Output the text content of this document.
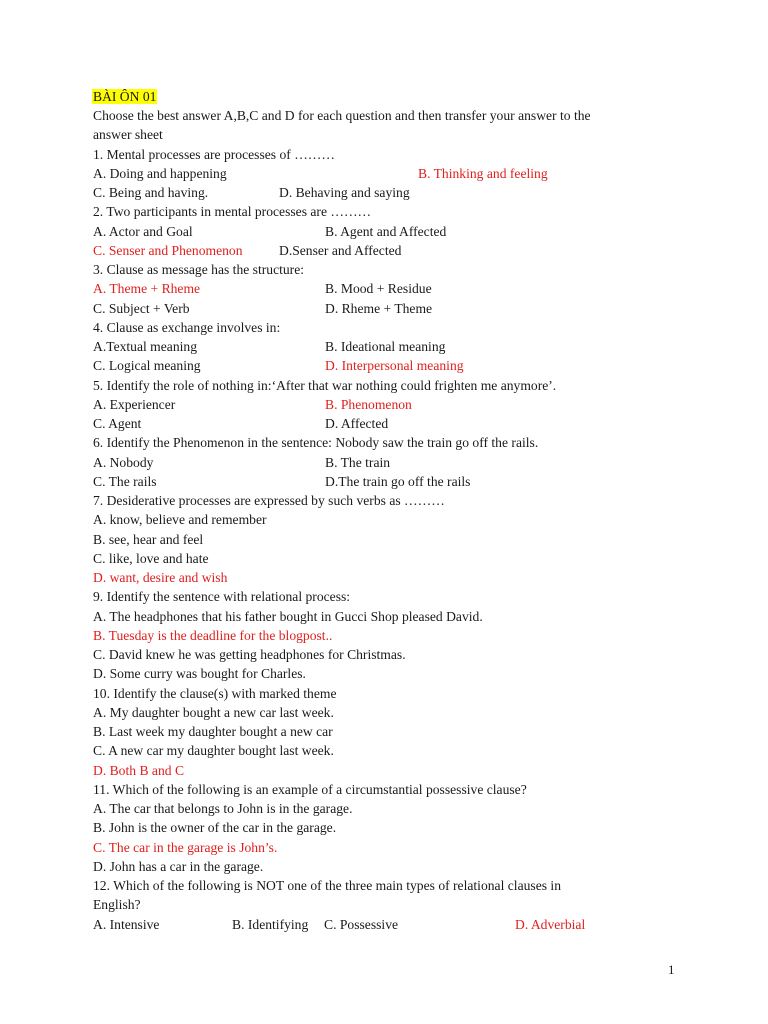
BÀI ÔN 01
Choose the best answer A,B,C and D for each question and then transfer your answer to the
answer sheet
1. Mental processes are processes of ………
A. Doing and happening	B. Thinking and feeling
C. Being and having.	D. Behaving and saying
2. Two participants in mental processes are ………
A. Actor and Goal	B. Agent and Affected
C. Senser and Phenomenon	D.Senser and Affected
3. Clause as message has the structure:
A. Theme + Rheme	B. Mood + Residue
C. Subject + Verb	D. Rheme + Theme
4. Clause as exchange involves in:
A.Textual meaning	B. Ideational meaning
C. Logical meaning	D. Interpersonal meaning
5. Identify the role of nothing in:‘After that war nothing could frighten me anymore’.
A. Experiencer	B. Phenomenon
C. Agent	D. Affected
6. Identify the Phenomenon in the sentence: Nobody saw the train go off the rails.
A. Nobody	B. The train
C. The rails	D.The train go off the rails
7. Desiderative processes are expressed by such verbs as ………
A. know, believe and remember
B. see, hear and feel
C. like, love and hate
D. want, desire and wish
9. Identify the sentence with relational process:
A. The headphones that his father bought in Gucci Shop pleased David.
B. Tuesday is the deadline for the blogpost..
C. David knew he was getting headphones for Christmas.
D. Some curry was bought for Charles.
10. Identify the clause(s) with marked theme
A. My daughter bought a new car last week.
B. Last week my daughter bought a new car
C. A new car my daughter bought last week.
D. Both B and C
11. Which of the following is an example of a circumstantial possessive clause?
A. The car that belongs to John is in the garage.
B. John is the owner of the car in the garage.
C. The car in the garage is John’s.
D. John has a car in the garage.
12. Which of the following is NOT one of the three main types of relational clauses in
English?
A. Intensive	B. Identifying C. Possessive	D. Adverbial
1
